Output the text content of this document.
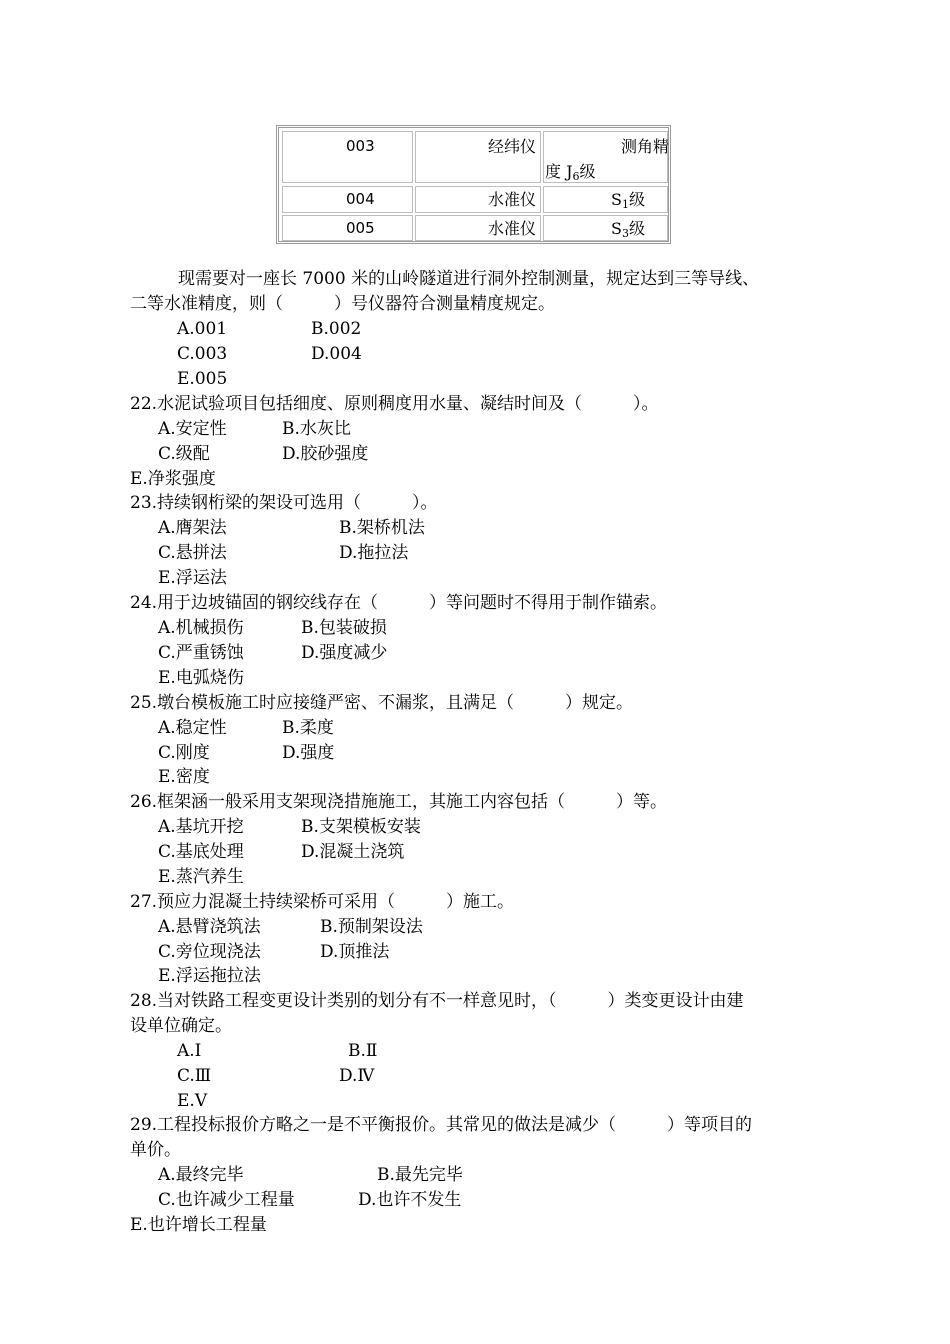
003	经纬仪	测角精
度 $J_6$级
004	水准仪	$S_1$级
005	水准仪	$S_3$级
现需要对一座长 7000 米的山岭隧道进行洞外控制测量，规定达到三等导线、
二等水准精度，则（　　　）号仪器符合测量精度规定。
A.001	B.002
C.003	D.004
E.005
22.水泥试验项目包括细度、原则稠度用水量、凝结时间及（　　　）。
A.安定性	B.水灰比
C.级配	D.胶砂强度
E.净浆强度
23.持续钢桁梁的架设可选用（　　　）。
A.膺架法	B.架桥机法
C.悬拼法	D.拖拉法
E.浮运法
24.用于边坡锚固的钢绞线存在（　　　）等问题时不得用于制作锚索。
A.机械损伤	B.包装破损
C.严重锈蚀	D.强度减少
E.电弧烧伤
25.墩台模板施工时应接缝严密、不漏浆，且满足（　　　）规定。
A.稳定性	B.柔度
C.刚度	D.强度
E.密度
26.框架涵一般采用支架现浇措施施工，其施工内容包括（　　　）等。
A.基坑开挖	B.支架模板安装
C.基底处理	D.混凝土浇筑
E.蒸汽养生
27.预应力混凝土持续梁桥可采用（　　　）施工。
A.悬臂浇筑法	B.预制架设法
C.旁位现浇法	D.顶推法
E.浮运拖拉法
28.当对铁路工程变更设计类别的划分有不一样意见时，（　　　）类变更设计由建
设单位确定。
A.Ⅰ	B.Ⅱ
C.Ⅲ	D.Ⅳ
E.Ⅴ
29.工程投标报价方略之一是不平衡报价。其常见的做法是减少（　　　）等项目的
单价。
A.最终完毕	B.最先完毕
C.也许减少工程量	D.也许不发生
E.也许增长工程量
